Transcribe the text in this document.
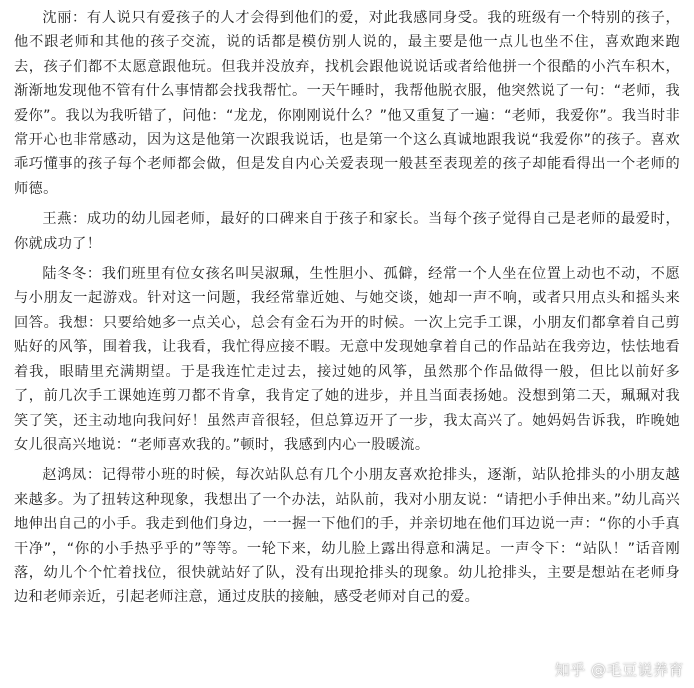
沈丽：有人说只有爱孩子的人才会得到他们的爱，对此我感同身受。我的班级有一个特别的孩子，他不跟老师和其他的孩子交流，说的话都是模仿别人说的，最主要是他一点儿也坐不住，喜欢跑来跑去，孩子们都不太愿意跟他玩。但我并没放弃，找机会跟他说说话或者给他拼一个很酷的小汽车积木，渐渐地发现他不管有什么事情都会找我帮忙。一天午睡时，我帮他脱衣服，他突然说了一句：“老师，我爱你”。我以为我听错了，问他：“龙龙，你刚刚说什么？”他又重复了一遍：“老师，我爱你”。我当时非常开心也非常感动，因为这是他第一次跟我说话，也是第一个这么真诚地跟我说“我爱你”的孩子。喜欢乖巧懂事的孩子每个老师都会做，但是发自内心关爱表现一般甚至表现差的孩子却能看得出一个老师的师德。

王燕：成功的幼儿园老师，最好的口碑来自于孩子和家长。当每个孩子觉得自己是老师的最爱时，你就成功了！

陆冬冬：我们班里有位女孩名叫吴淑珮，生性胆小、孤僻，经常一个人坐在位置上动也不动，不愿与小朋友一起游戏。针对这一问题，我经常靠近她、与她交谈，她却一声不响，或者只用点头和摇头来回答。我想：只要给她多一点关心，总会有金石为开的时候。一次上完手工课，小朋友们都拿着自己剪贴好的风筝，围着我，让我看，我忙得应接不暇。无意中发现她拿着自己的作品站在我旁边，怯怯地看着我，眼睛里充满期望。于是我连忙走过去，接过她的风筝，虽然那个作品做得一般，但比以前好多了，前几次手工课她连剪刀都不肯拿，我肯定了她的进步，并且当面表扬她。没想到第二天，珮珮对我笑了笑，还主动地向我问好！虽然声音很轻，但总算迈开了一步，我太高兴了。她妈妈告诉我，昨晚她女儿很高兴地说：“老师喜欢我的。”顿时，我感到内心一股暖流。

赵鸿凤：记得带小班的时候，每次站队总有几个小朋友喜欢抢排头，逐渐，站队抢排头的小朋友越来越多。为了扭转这种现象，我想出了一个办法，站队前，我对小朋友说：“请把小手伸出来。”幼儿高兴地伸出自己的小手。我走到他们身边，一一握一下他们的手，并亲切地在他们耳边说一声：“你的小手真干净”，“你的小手热乎乎的”等等。一轮下来，幼儿脸上露出得意和满足。一声令下：“站队！”话音刚落，幼儿个个忙着找位，很快就站好了队，没有出现抢排头的现象。幼儿抢排头，主要是想站在老师身边和老师亲近，引起老师注意，通过皮肤的接触，感受老师对自己的爱。

知乎 @毛豆说养育
